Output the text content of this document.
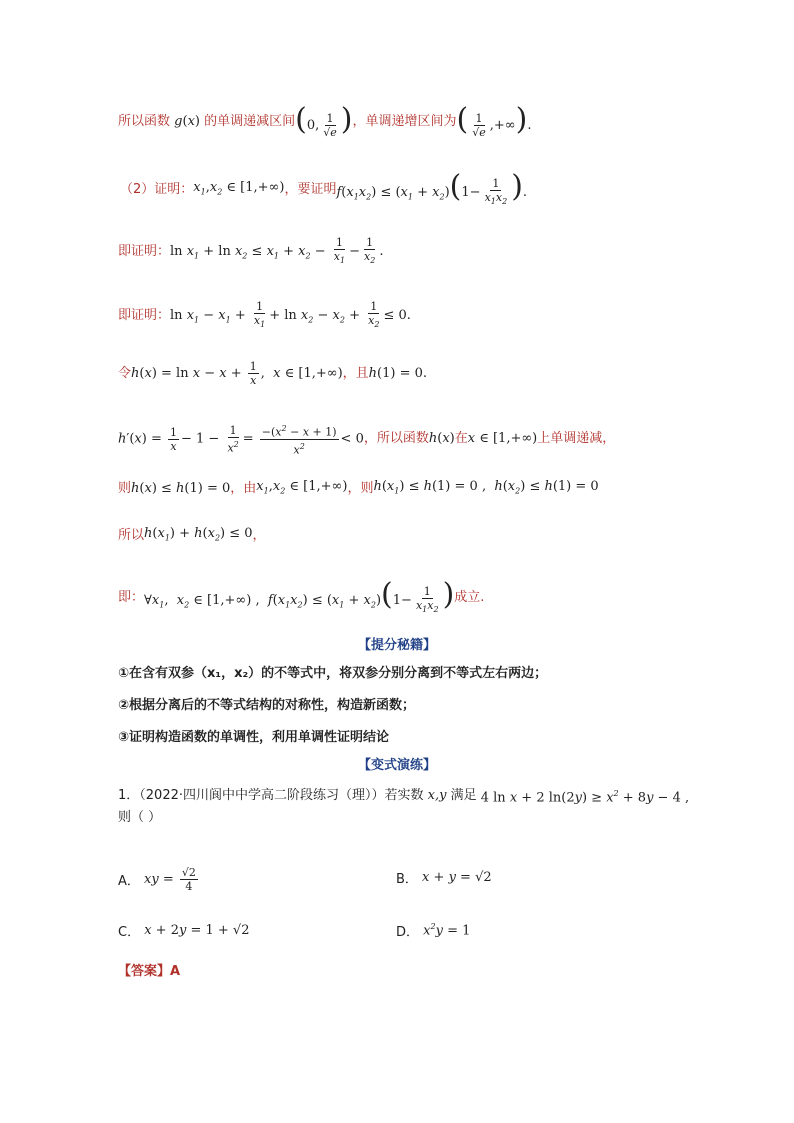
所以函数 g(x) 的单调递减区间 (0, $\frac{1}{√e}$ ) ，单调递增区间为 ( $\frac{1}{√e}$ ,+∞).
（2）证明： $x_1,x_2$ ∈ [1,+∞) ，要证明 $f(x_1x_2) \le (x_1 + x_2)(1- \frac{1}{x_1x_2}$ ).
即证明： $\ln x_1 + \ln x_2 \le x_1 + x_2 - \frac{1}{x_1} - \frac{1}{x_2}$ .
即证明： $\ln x_1 - x_1 + \frac{1}{x_1} + \ln x_2 - x_2 + \frac{1}{x_2} \le 0$.
令 $h(x) = \ln x - x + \frac{1}{x}$ ,  x ∈ [1,+∞) ，且 h(1) = 0.
$h'(x) = \frac{1}{x} - 1 - \frac{1}{x^2} = \frac{-(x^2 - x + 1)}{x^2} < 0$ ，所以函数 h(x) 在 x ∈ [1,+∞) 上单调递减，
则 h(x) ≤ h(1) = 0 ，由 $x_1,x_2$ ∈ [1,+∞) ，则 $h(x_1) \le h(1) = 0$ ,  $h(x_2) \le h(1) = 0$
所以 $h(x_1) + h(x_2) \le 0$ ，
即： $\forall x_1$,  $x_2$ ∈ [1,+∞) ,  $f(x_1x_2) \le (x_1 + x_2)(1- \frac{1}{x_1x_2}$ ) 成立.
【提分秘籍】
①在含有双参（x₁，x₂）的不等式中，将双参分别分离到不等式左右两边；
②根据分离后的不等式结构的对称性，构造新函数；
③证明构造函数的单调性，利用单调性证明结论
【变式演练】
1．（2022·四川阆中中学高二阶段练习（理））若实数 x,y 满足 4 ln x + 2 $\ln(2y) \ge x^2 + 8y - 4$ ,
则（ ）
A． xy = $\frac{√2}{4}$	B． x + y = √2
C． x + 2y = 1 + √2	D． $x^2y = 1$
【答案】 A
